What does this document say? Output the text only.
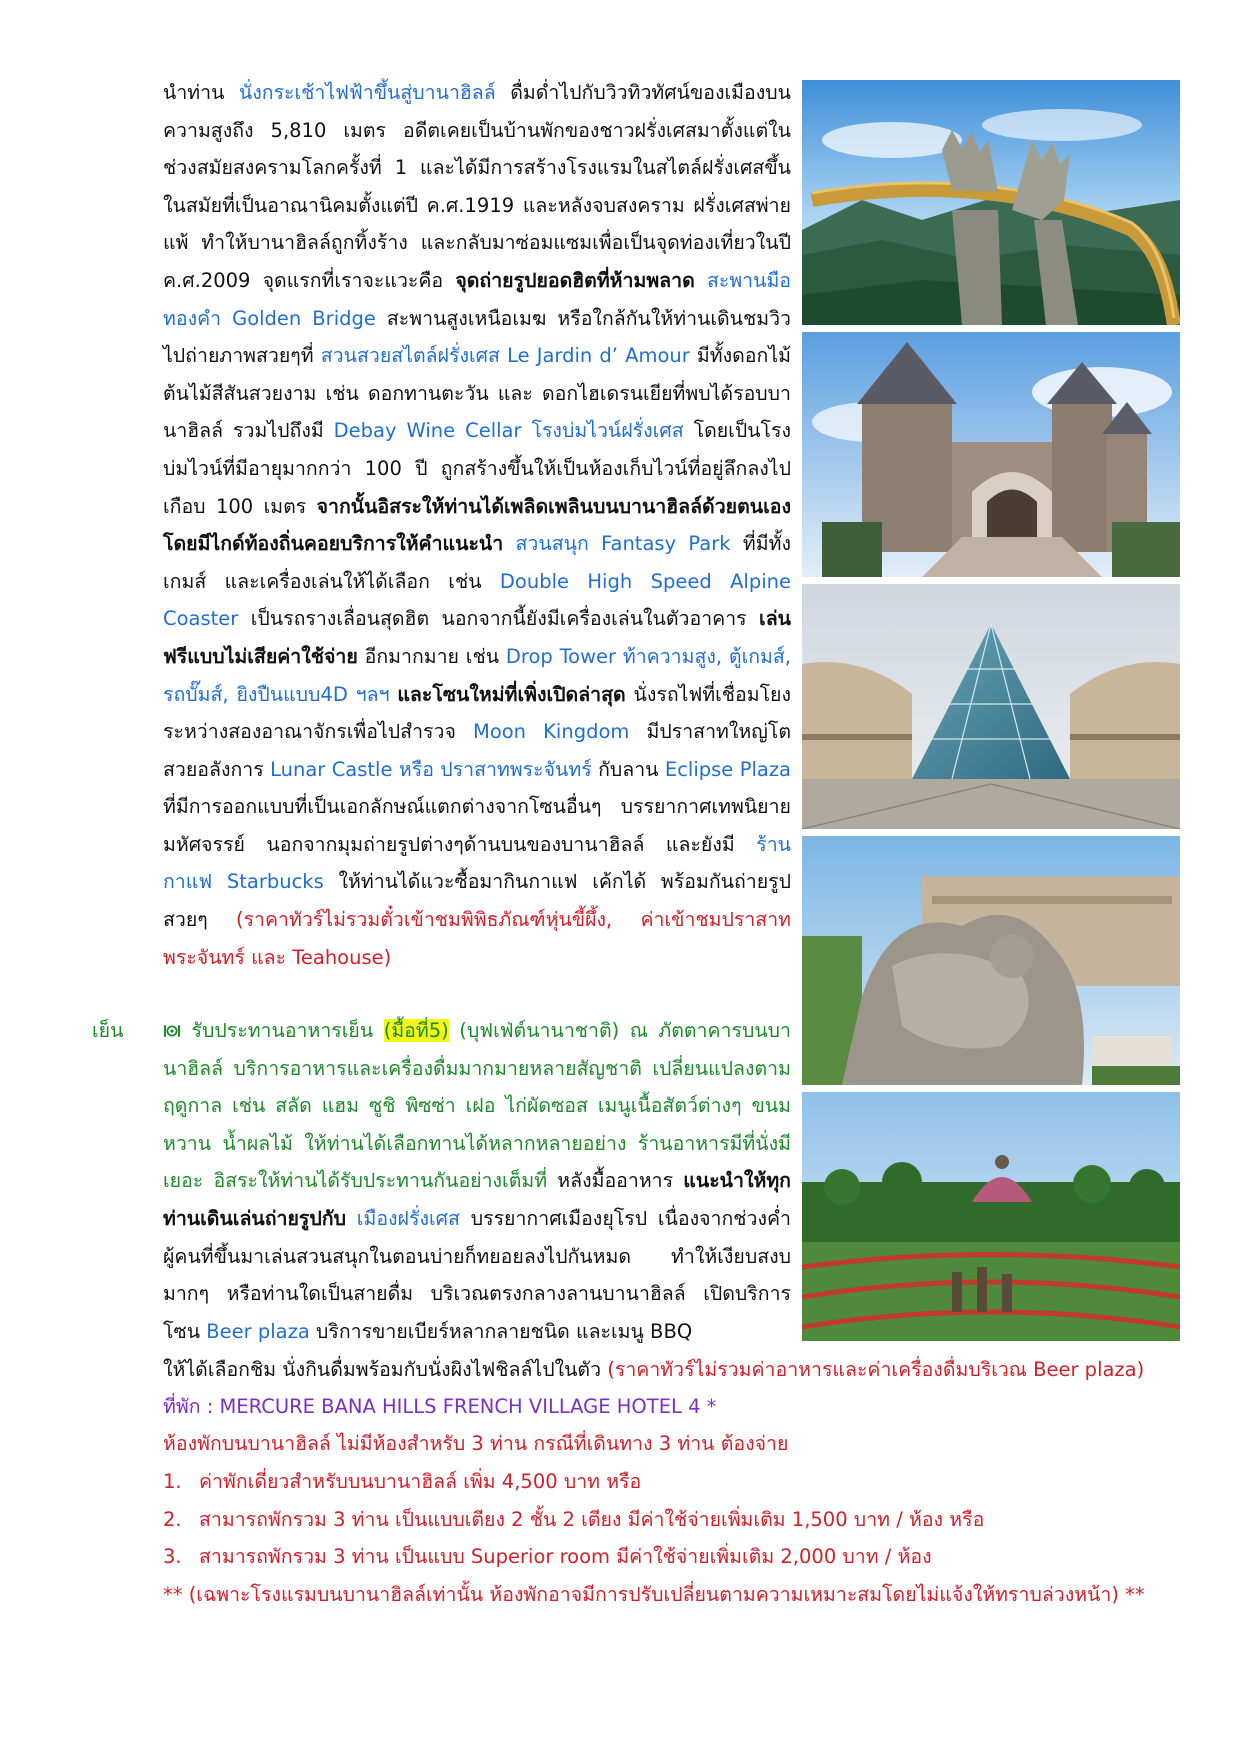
นำท่าน นั่งกระเช้าไฟฟ้าขึ้นสู่บานาฮิลล์ ดื่มด่ำไปกับวิวทิวทัศน์ของเมืองบนความสูงถึง 5,810 เมตร อดีตเคยเป็นบ้านพักของชาวฝรั่งเศสมาตั้งแต่ในช่วงสมัยสงครามโลกครั้งที่ 1 และได้มีการสร้างโรงแรมในสไตล์ฝรั่งเศสขึ้นในสมัยที่เป็นอาณานิคมตั้งแต่ปี ค.ศ.1919 และหลังจบสงคราม ฝรั่งเศสพ่ายแพ้ ทำให้บานาฮิลล์ถูกทิ้งร้าง และกลับมาซ่อมแซมเพื่อเป็นจุดท่องเที่ยวในปี ค.ศ.2009 จุดแรกที่เราจะแวะคือ จุดถ่ายรูปยอดฮิตที่ห้ามพลาด สะพานมือทองคำ Golden Bridge สะพานสูงเหนือเมฆ หรือใกล้กันให้ท่านเดินชมวิวไปถ่ายภาพสวยๆที่ สวนสวยสไตล์ฝรั่งเศส Le Jardin d’ Amour มีทั้งดอกไม้ต้นไม้สีสันสวยงาม เช่น ดอกทานตะวัน และ ดอกไฮเดรนเยียที่พบได้รอบบานาฮิลล์ รวมไปถึงมี Debay Wine Cellar โรงบ่มไวน์ฝรั่งเศส โดยเป็นโรงบ่มไวน์ที่มีอายุมากกว่า 100 ปี ถูกสร้างขึ้นให้เป็นห้องเก็บไวน์ที่อยู่ลึกลงไปเกือบ 100 เมตร จากนั้นอิสระให้ท่านได้เพลิดเพลินบนบานาฮิลล์ด้วยตนเองโดยมีไกด์ท้องถิ่นคอยบริการให้คำแนะนำ สวนสนุก Fantasy Park ที่มีทั้งเกมส์ และเครื่องเล่นให้ได้เลือก เช่น Double High Speed Alpine Coaster เป็นรถรางเลื่อนสุดฮิต นอกจากนี้ยังมีเครื่องเล่นในตัวอาคาร เล่นฟรีแบบไม่เสียค่าใช้จ่าย อีกมากมาย เช่น Drop Tower ท้าความสูง, ตู้เกมส์, รถบั๊มส์, ยิงปืนแบบ4D ฯลฯ และโซนใหม่ที่เพิ่งเปิดล่าสุด นั่งรถไฟที่เชื่อมโยงระหว่างสองอาณาจักรเพื่อไปสำรวจ Moon Kingdom มีปราสาทใหญ่โตสวยอลังการ Lunar Castle หรือ ปราสาทพระจันทร์ กับลาน Eclipse Plaza ที่มีการออกแบบที่เป็นเอกลักษณ์แตกต่างจากโซนอื่นๆ บรรยากาศเทพนิยายมหัศจรรย์ นอกจากมุมถ่ายรูปต่างๆด้านบนของบานาฮิลล์ และยังมี ร้านกาแฟ Starbucks ให้ท่านได้แวะซื้อมากินกาแฟ เค้กได้ พร้อมกันถ่ายรูปสวยๆ (ราคาทัวร์ไม่รวมตั๋วเข้าชมพิพิธภัณฑ์หุ่นขี้ผึ้ง, ค่าเข้าชมปราสาทพระจันทร์ และ Teahouse)
เย็น	รับประทานอาหารเย็น (มื้อที่5) (บุฟเฟ่ต์นานาชาติ) ณ ภัตตาคารบนบานาฮิลล์ บริการอาหารและเครื่องดื่มมากมายหลายสัญชาติ เปลี่ยนแปลงตามฤดูกาล เช่น สลัด แฮม ซูชิ พิซซ่า เฝอ ไก่ผัดซอส เมนูเนื้อสัตว์ต่างๆ ขนมหวาน น้ำผลไม้ ให้ท่านได้เลือกทานได้หลากหลายอย่าง ร้านอาหารมีที่นั่งมีเยอะ อิสระให้ท่านได้รับประทานกันอย่างเต็มที่ หลังมื้ออาหาร แนะนำให้ทุกท่านเดินเล่นถ่ายรูปกับ เมืองฝรั่งเศส บรรยากาศเมืองยุโรป เนื่องจากช่วงค่ำผู้คนที่ขึ้นมาเล่นสวนสนุกในตอนบ่ายก็ทยอยลงไปกันหมด ทำให้เงียบสงบมากๆ หรือท่านใดเป็นสายดื่ม บริเวณตรงกลางลานบานาฮิลล์ เปิดบริการโซน Beer plaza บริการขายเบียร์หลากลายชนิด และเมนู BBQ
ให้ได้เลือกชิม นั่งกินดื่มพร้อมกับนั่งผิงไฟชิลล์ไปในตัว (ราคาทัวร์ไม่รวมค่าอาหารและค่าเครื่องดื่มบริเวณ Beer plaza)
ที่พัก : MERCURE BANA HILLS FRENCH VILLAGE HOTEL 4 *
ห้องพักบนบานาฮิลล์ ไม่มีห้องสำหรับ 3 ท่าน กรณีที่เดินทาง 3 ท่าน ต้องจ่าย
1. ค่าพักเดี่ยวสำหรับบนบานาฮิลล์ เพิ่ม 4,500 บาท หรือ
2. สามารถพักรวม 3 ท่าน เป็นแบบเตียง 2 ชั้น 2 เตียง มีค่าใช้จ่ายเพิ่มเติม 1,500 บาท / ห้อง หรือ
3. สามารถพักรวม 3 ท่าน เป็นแบบ Superior room มีค่าใช้จ่ายเพิ่มเติม 2,000 บาท / ห้อง
** (เฉพาะโรงแรมบนบานาฮิลล์เท่านั้น ห้องพักอาจมีการปรับเปลี่ยนตามความเหมาะสมโดยไม่แจ้งให้ทราบล่วงหน้า) **
